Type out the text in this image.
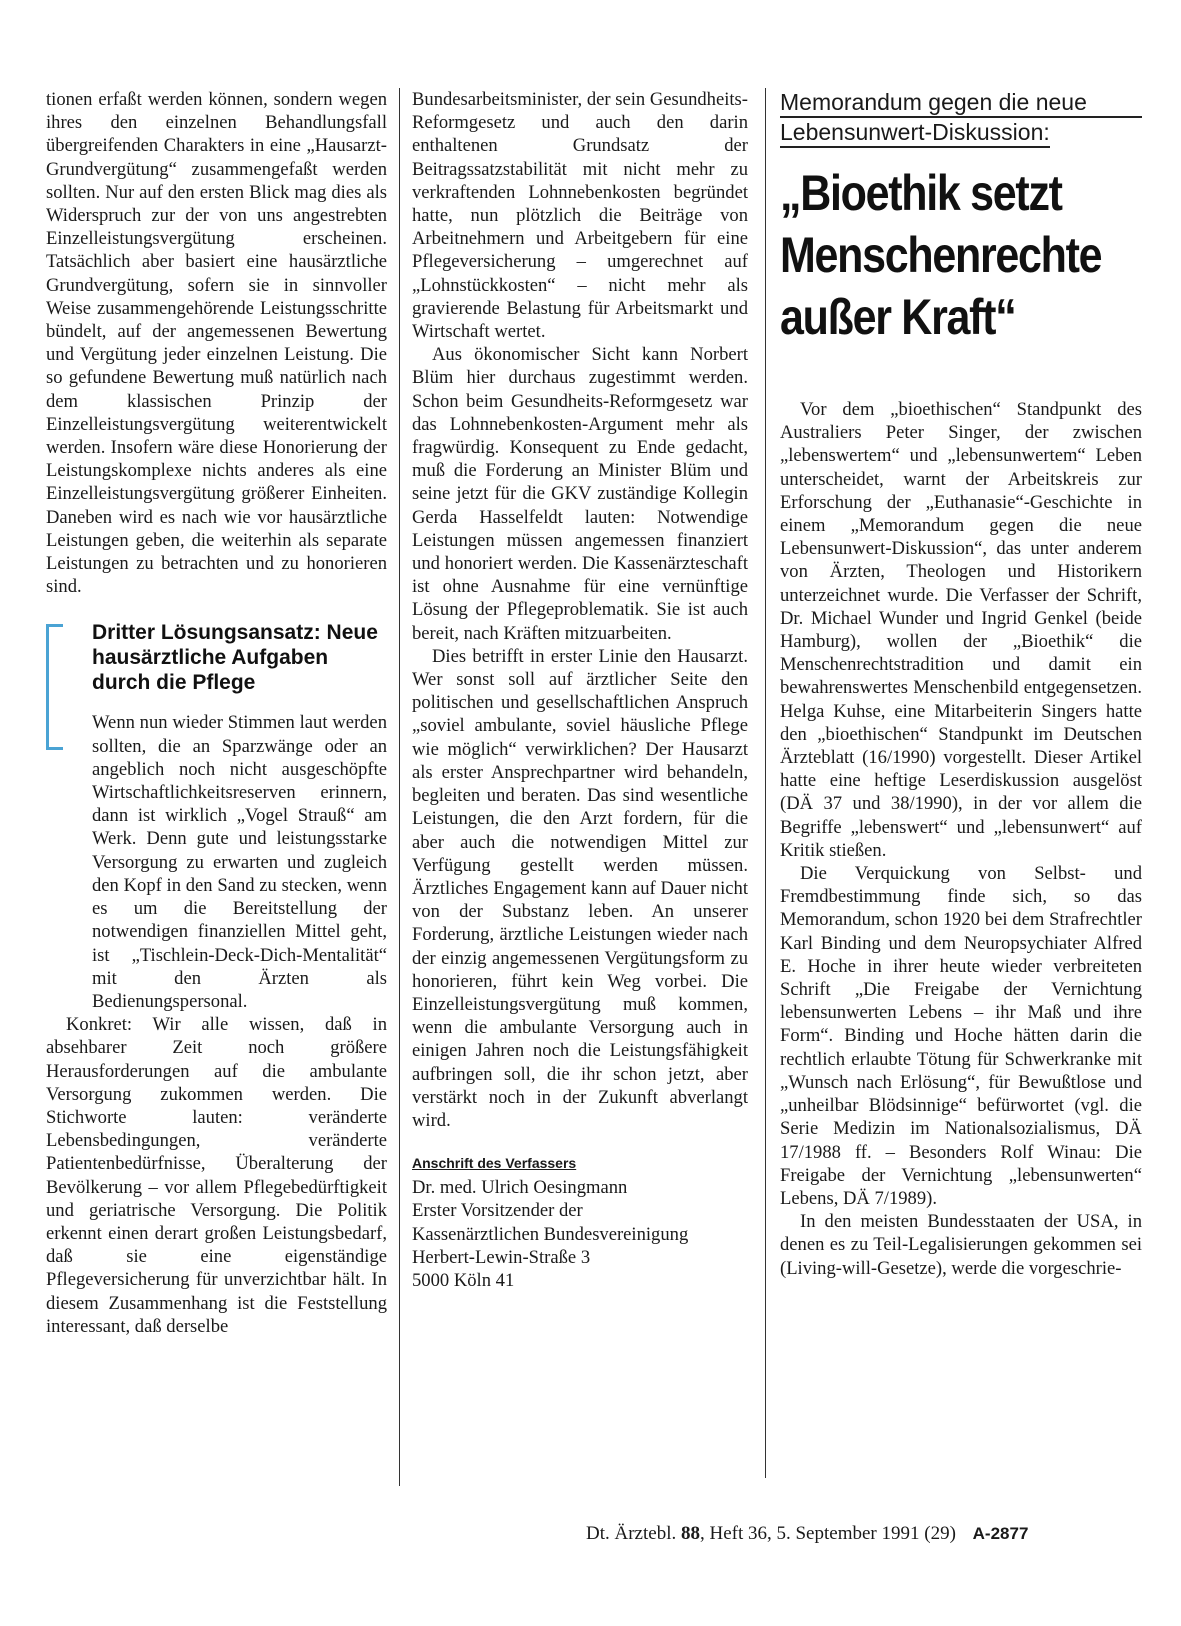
tionen erfaßt werden können, sondern wegen ihres den einzelnen Behandlungsfall übergreifenden Charakters in eine „Hausarzt-Grundvergütung“ zusammengefaßt werden sollten. Nur auf den ersten Blick mag dies als Widerspruch zur der von uns angestrebten Einzelleistungsvergütung erscheinen. Tatsächlich aber basiert eine hausärztliche Grundvergütung, sofern sie in sinnvoller Weise zusammengehörende Leistungsschritte bündelt, auf der angemessenen Bewertung und Vergütung jeder einzelnen Leistung. Die so gefundene Bewertung muß natürlich nach dem klassischen Prinzip der Einzelleistungsvergütung weiterentwickelt werden. Insofern wäre diese Honorierung der Leistungskomplexe nichts anderes als eine Einzelleistungsvergütung größerer Einheiten. Daneben wird es nach wie vor hausärztliche Leistungen geben, die weiterhin als separate Leistungen zu betrachten und zu honorieren sind.

Dritter Lösungsansatz: Neue hausärztliche Aufgaben durch die Pflege

Wenn nun wieder Stimmen laut werden sollten, die an Sparzwänge oder an angeblich noch nicht ausgeschöpfte Wirtschaftlichkeitsreserven erinnern, dann ist wirklich „Vogel Strauß“ am Werk. Denn gute und leistungsstarke Versorgung zu erwarten und zugleich den Kopf in den Sand zu stecken, wenn es um die Bereitstellung der notwendigen finanziellen Mittel geht, ist „Tischlein-Deck-Dich-Mentalität“ mit den Ärzten als Bedienungspersonal.

Konkret: Wir alle wissen, daß in absehbarer Zeit noch größere Herausforderungen auf die ambulante Versorgung zukommen werden. Die Stichworte lauten: veränderte Lebensbedingungen, veränderte Patientenbedürfnisse, Überalterung der Bevölkerung – vor allem Pflegebedürftigkeit und geriatrische Versorgung. Die Politik erkennt einen derart großen Leistungsbedarf, daß sie eine eigenständige Pflegeversicherung für unverzichtbar hält. In diesem Zusammenhang ist die Feststellung interessant, daß derselbe

Bundesarbeitsminister, der sein Gesundheits-Reformgesetz und auch den darin enthaltenen Grundsatz der Beitragssatzstabilität mit nicht mehr zu verkraftenden Lohnnebenkosten begründet hatte, nun plötzlich die Beiträge von Arbeitnehmern und Arbeitgebern für eine Pflegeversicherung – umgerechnet auf „Lohnstückkosten“ – nicht mehr als gravierende Belastung für Arbeitsmarkt und Wirtschaft wertet.

Aus ökonomischer Sicht kann Norbert Blüm hier durchaus zugestimmt werden. Schon beim Gesundheits-Reformgesetz war das Lohnnebenkosten-Argument mehr als fragwürdig. Konsequent zu Ende gedacht, muß die Forderung an Minister Blüm und seine jetzt für die GKV zuständige Kollegin Gerda Hasselfeldt lauten: Notwendige Leistungen müssen angemessen finanziert und honoriert werden. Die Kassenärzteschaft ist ohne Ausnahme für eine vernünftige Lösung der Pflegeproblematik. Sie ist auch bereit, nach Kräften mitzuarbeiten.

Dies betrifft in erster Linie den Hausarzt. Wer sonst soll auf ärztlicher Seite den politischen und gesellschaftlichen Anspruch „soviel ambulante, soviel häusliche Pflege wie möglich“ verwirklichen? Der Hausarzt als erster Ansprechpartner wird behandeln, begleiten und beraten. Das sind wesentliche Leistungen, die den Arzt fordern, für die aber auch die notwendigen Mittel zur Verfügung gestellt werden müssen. Ärztliches Engagement kann auf Dauer nicht von der Substanz leben. An unserer Forderung, ärztliche Leistungen wieder nach der einzig angemessenen Vergütungsform zu honorieren, führt kein Weg vorbei. Die Einzelleistungsvergütung muß kommen, wenn die ambulante Versorgung auch in einigen Jahren noch die Leistungsfähigkeit aufbringen soll, die ihr schon jetzt, aber verstärkt noch in der Zukunft abverlangt wird.

Anschrift des Verfassers
Dr. med. Ulrich Oesingmann
Erster Vorsitzender der
Kassenärztlichen Bundesvereinigung
Herbert-Lewin-Straße 3
5000 Köln 41
Memorandum gegen die neue
Lebensunwert-Diskussion:
„Bioethik setzt Menschenrechte außer Kraft“

Vor dem „bioethischen“ Standpunkt des Australiers Peter Singer, der zwischen „lebenswertem“ und „lebensunwertem“ Leben unterscheidet, warnt der Arbeitskreis zur Erforschung der „Euthanasie“-Geschichte in einem „Memorandum gegen die neue Lebensunwert-Diskussion“, das unter anderem von Ärzten, Theologen und Historikern unterzeichnet wurde. Die Verfasser der Schrift, Dr. Michael Wunder und Ingrid Genkel (beide Hamburg), wollen der „Bioethik“ die Menschenrechtstradition und damit ein bewahrenswertes Menschenbild entgegensetzen. Helga Kuhse, eine Mitarbeiterin Singers hatte den „bioethischen“ Standpunkt im Deutschen Ärzteblatt (16/1990) vorgestellt. Dieser Artikel hatte eine heftige Leserdiskussion ausgelöst (DÄ 37 und 38/1990), in der vor allem die Begriffe „lebenswert“ und „lebensunwert“ auf Kritik stießen.

Die Verquickung von Selbst- und Fremdbestimmung finde sich, so das Memorandum, schon 1920 bei dem Strafrechtler Karl Binding und dem Neuropsychiater Alfred E. Hoche in ihrer heute wieder verbreiteten Schrift „Die Freigabe der Vernichtung lebensunwerten Lebens – ihr Maß und ihre Form“. Binding und Hoche hätten darin die rechtlich erlaubte Tötung für Schwerkranke mit „Wunsch nach Erlösung“, für Bewußtlose und „unheilbar Blödsinnige“ befürwortet (vgl. die Serie Medizin im Nationalsozialismus, DÄ 17/1988 ff. – Besonders Rolf Winau: Die Freigabe der Vernichtung „lebensunwerten“ Lebens, DÄ 7/1989).

In den meisten Bundesstaaten der USA, in denen es zu Teil-Legalisierungen gekommen sei (Living-will-Gesetze), werde die vorgeschrie-

Dt. Ärztebl. 88, Heft 36, 5. September 1991 (29) A-2877
